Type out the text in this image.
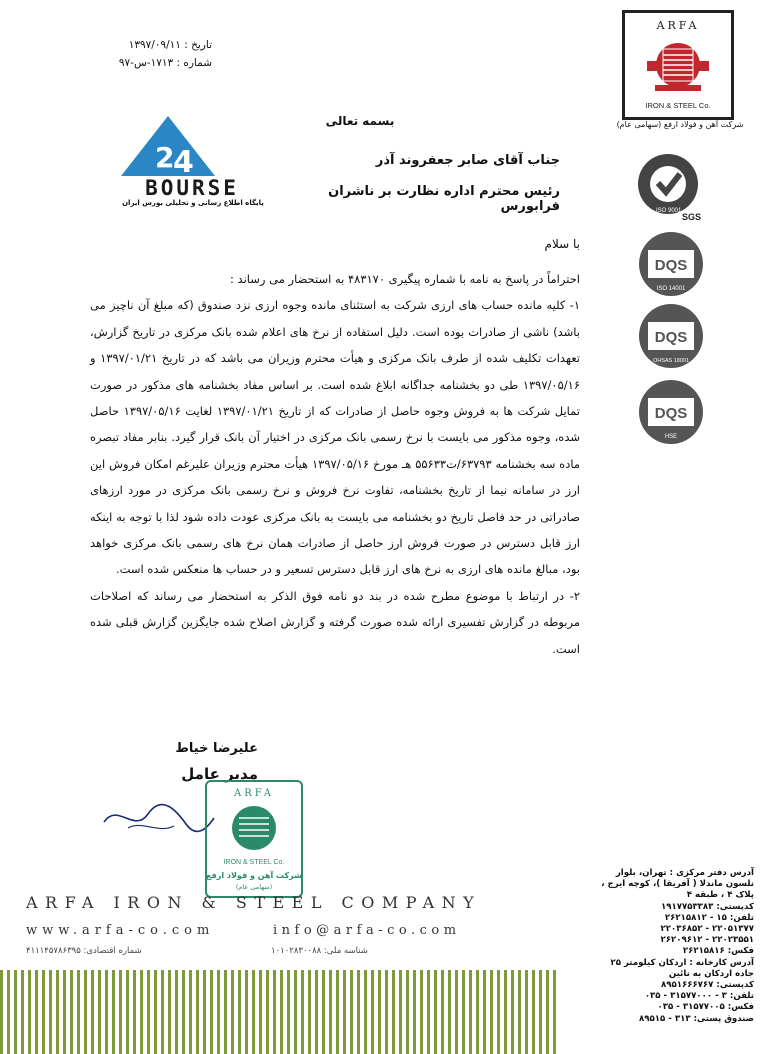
تاریخ : ۱۳۹۷/۰۹/۱۱
شماره : ۱۷۱۳-س-۹۷
ARFA
IRON & STEEL Co.
شرکت آهن و فولاد ارفع (سهامی عام)
بسمه تعالی
2
4
BOURSE
پایگاه اطلاع رسانی و تحلیلی بورس ایران
جناب آقای صابر جعفروند آذر
رئیس محترم اداره نظارت بر ناشران فرابورس	ISO 9001
SGS
DQS
ISO 14001
DQS
OHSAS 18001
DQS
HSE
با سلام

احتراماً در پاسخ به نامه با شماره پیگیری ۴۸۳۱۷۰ به استحضار می رساند :

۱- کلیه مانده حساب های ارزی شرکت به استثنای مانده وجوه ارزی نزد صندوق (که مبلغ آن ناچیز می باشد) ناشی از صادرات بوده است. دلیل استفاده از نرخ های اعلام شده بانک مرکزی در تاریخ گزارش، تعهدات تکلیف شده از طرف بانک مرکزی و هیأت محترم وزیران می باشد که در تاریخ ۱۳۹۷/۰۱/۲۱ و ۱۳۹۷/۰۵/۱۶ طی دو بخشنامه جداگانه ابلاغ شده است. بر اساس مفاد بخشنامه های مذکور در صورت تمایل شرکت ها به فروش وجوه حاصل از صادرات که از تاریخ ۱۳۹۷/۰۱/۲۱ لغایت ۱۳۹۷/۰۵/۱۶ حاصل شده، وجوه مذکور می بایست با نرخ رسمی بانک مرکزی در اختیار آن بانک قرار گیرد. بنابر مفاد تبصره ماده سه بخشنامه ۶۳۷۹۳/ت۵۵۶۳۳ هـ مورخ ۱۳۹۷/۰۵/۱۶ هیأت محترم وزیران علیرغم امکان فروش این ارز در سامانه نیما از تاریخ بخشنامه، تفاوت نرخ فروش و نرخ رسمی بانک مرکزی در مورد ارزهای صادراتی در حد فاصل تاریخ دو بخشنامه می بایست به بانک مرکزی عودت داده شود لذا با توجه به اینکه ارز قابل دسترس در صورت فروش ارز حاصل از صادرات همان نرخ های رسمی بانک مرکزی خواهد بود، مبالغ مانده های ارزی به نرخ های ارز قابل دسترس تسعیر و در حساب ها منعکس شده است.

۲- در ارتباط با موضوع مطرح شده در بند دو نامه فوق الذکر به استحضار می رساند که اصلاحات مربوطه در گزارش تفسیری ارائه شده صورت گرفته و گزارش اصلاح شده جایگزین گزارش قبلی شده است.

علیرضا خیاط
مدیر عامل
ARFA
IRON & STEEL Co.
شرکت آهن و فولاد ارفع
(سهامی عام)
ARFA IRON & STEEL COMPANY
www.arfa-co.com	info@arfa-co.com
شماره اقتصادی: ۴۱۱۱۴۵۷۸۶۳۹۵	شناسه ملی: ۱۰۱۰۲۸۳۰۰۸۸
آدرس دفتر مرکزی : تهران، بلوار
نلسون ماندلا ( آفریقا )، کوچه ایرج ،
پلاک ۴ ، طبقه ۴
کدپستی: ۱۹۱۷۷۵۳۳۸۳
تلفن: ۱۵ - ۲۶۲۱۵۸۱۲
۲۲۰۵۱۳۷۷ - ۲۲۰۳۶۸۵۲
۲۲۰۲۳۵۵۱ - ۲۶۲۰۹۶۱۲
فکس: ۲۶۲۱۵۸۱۶
آدرس کارخانه : اردکان کیلومتر ۲۵
جاده اردکان به نائین
کدپستی: ۸۹۵۱۶۶۶۷۶۷
تلفن: ۳ - ۳۱۵۷۷۰۰۰ - ۰۳۵
فکس: ۳۱۵۷۷۰۰۵ - ۰۳۵
صندوق پستی: ۳۱۳ - ۸۹۵۱۵
